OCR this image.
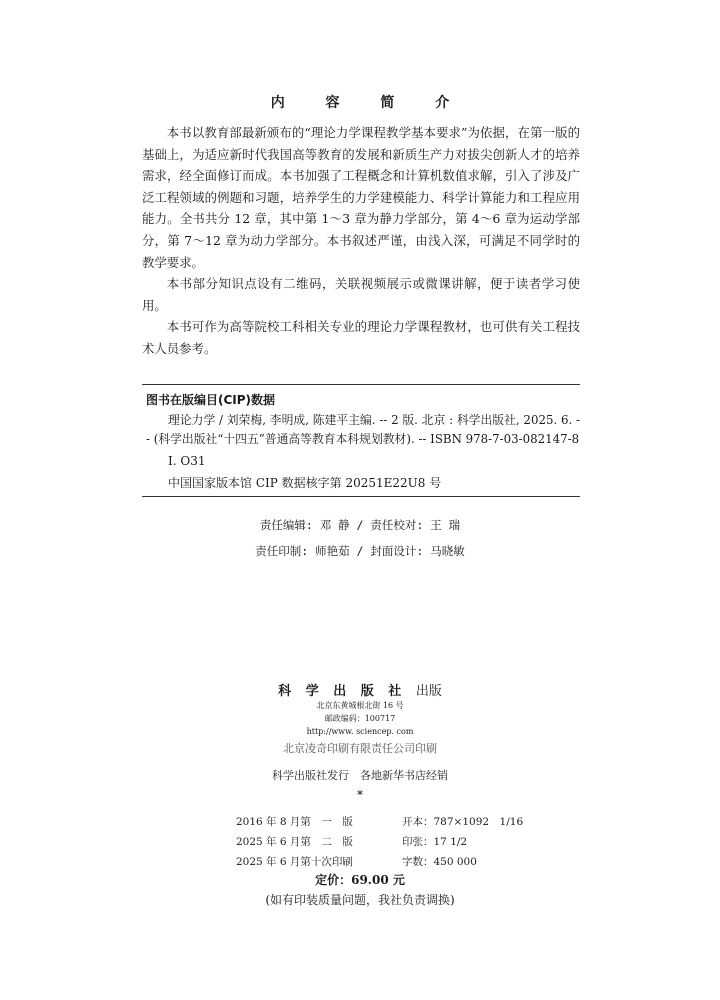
内 容 简 介

本书以教育部最新颁布的“理论力学课程教学基本要求”为依据，在第一版的基础上，为适应新时代我国高等教育的发展和新质生产力对拔尖创新人才的培养需求，经全面修订而成。本书加强了工程概念和计算机数值求解，引入了涉及广泛工程领域的例题和习题，培养学生的力学建模能力、科学计算能力和工程应用能力。全书共分 12 章，其中第 1～3 章为静力学部分，第 4～6 章为运动学部分，第 7～12 章为动力学部分。本书叙述严谨，由浅入深，可满足不同学时的教学要求。

本书部分知识点设有二维码，关联视频展示或微课讲解，便于读者学习使用。

本书可作为高等院校工科相关专业的理论力学课程教材，也可供有关工程技术人员参考。

图书在版编目(CIP)数据
理论力学 / 刘荣梅, 李明成, 陈建平主编. -- 2 版. 北京 : 科学出版社, 2025. 6. -- (科学出版社“十四五”普通高等教育本科规划教材). -- ISBN 978-7-03-082147-8
Ⅰ. O31
中国国家版本馆 CIP 数据核字第 20251E22U8 号
责任编辑: 邓 静 / 责任校对: 王 瑞
责任印制: 师艳茹 / 封面设计: 马晓敏
科 学 出 版 社 出版
北京东黄城根北街 16 号
邮政编码：100717
http://www. sciencep. com
北京凌奇印刷有限责任公司印刷
科学出版社发行　各地新华书店经销
*
2016 年 8 月第　一　版	开本：787×1092　1/16
2025 年 6 月第　二　版	印张：17 1/2
2025 年 6 月第十次印刷	字数：450 000
定价：69.00 元
(如有印装质量问题，我社负责调换)
